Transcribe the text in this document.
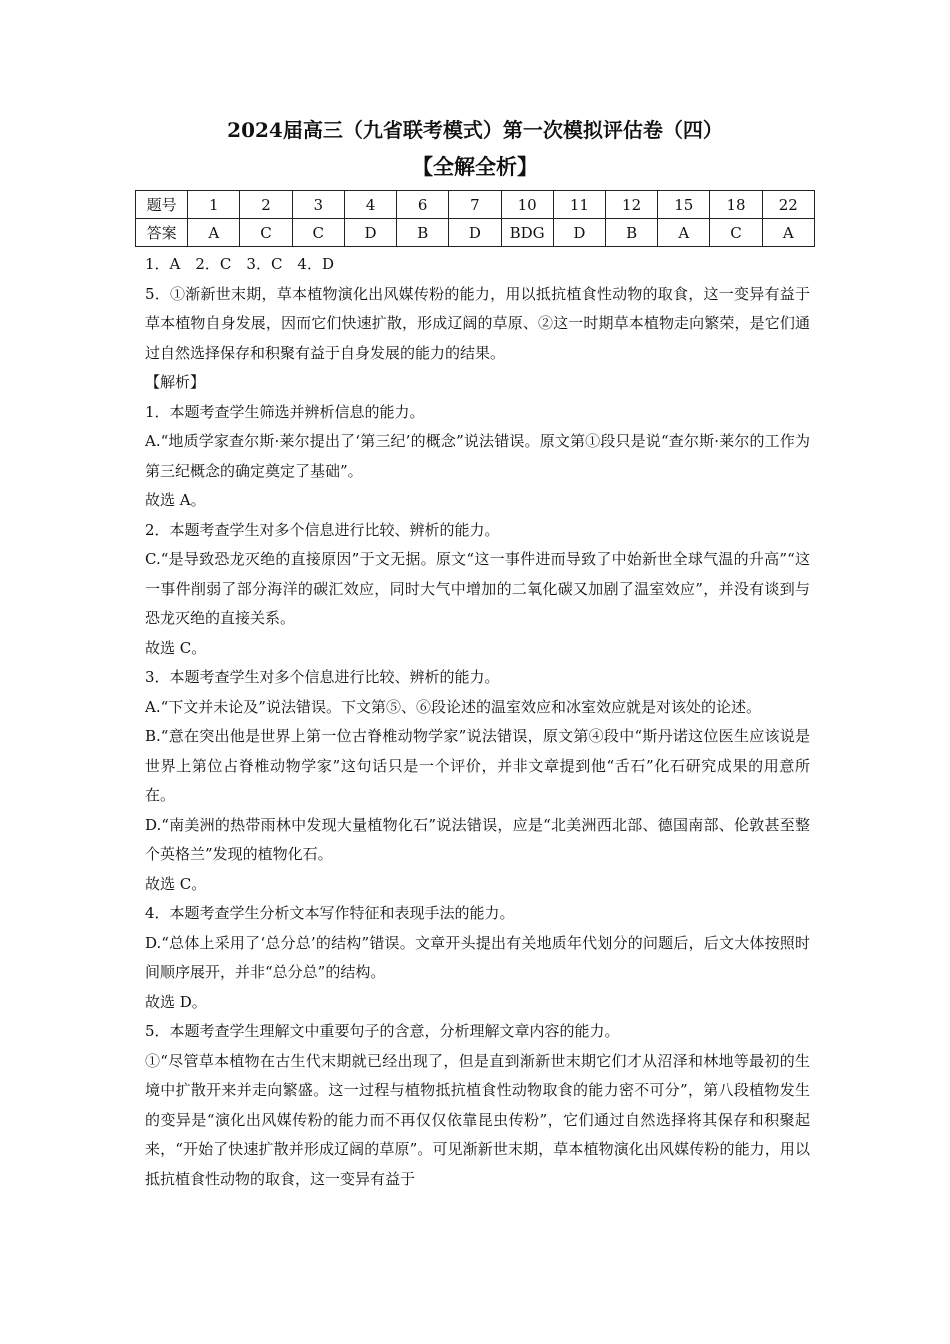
2024届高三（九省联考模式）第一次模拟评估卷（四）
【全解全析】
题号	1	2	3	4	6	7	10	11	12	15	18	22
答案	A	C	C	D	B	D	BDG	D	B	A	C	A

1．A　2．C　3．C　4．D

5．①渐新世末期，草本植物演化出风媒传粉的能力，用以抵抗植食性动物的取食，这一变异有益于草本植物自身发展，因而它们快速扩散，形成辽阔的草原、②这一时期草本植物走向繁荣，是它们通过自然选择保存和积聚有益于自身发展的能力的结果。

【解析】

1．本题考查学生筛选并辨析信息的能力。

A.“地质学家查尔斯·莱尔提出了‘第三纪’的概念”说法错误。原文第①段只是说“查尔斯·莱尔的工作为第三纪概念的确定奠定了基础”。

故选 A。

2．本题考查学生对多个信息进行比较、辨析的能力。

C.“是导致恐龙灭绝的直接原因”于文无据。原文“这一事件进而导致了中始新世全球气温的升高”“这一事件削弱了部分海洋的碳汇效应，同时大气中增加的二氧化碳又加剧了温室效应”，并没有谈到与恐龙灭绝的直接关系。

故选 C。

3．本题考查学生对多个信息进行比较、辨析的能力。

A.“下文并未论及”说法错误。下文第⑤、⑥段论述的温室效应和冰室效应就是对该处的论述。

B.“意在突出他是世界上第一位古脊椎动物学家”说法错误，原文第④段中“斯丹诺这位医生应该说是世界上第位占脊椎动物学家”这句话只是一个评价，并非文章提到他“舌石”化石研究成果的用意所在。

D.“南美洲的热带雨林中发现大量植物化石”说法错误，应是“北美洲西北部、德国南部、伦敦甚至整个英格兰”发现的植物化石。

故选 C。

4．本题考查学生分析文本写作特征和表现手法的能力。

D.“总体上采用了‘总分总’的结构”错误。文章开头提出有关地质年代划分的问题后，后文大体按照时间顺序展开，并非“总分总”的结构。

故选 D。

5．本题考查学生理解文中重要句子的含意，分析理解文章内容的能力。

①“尽管草本植物在古生代末期就已经出现了，但是直到渐新世末期它们才从沼泽和林地等最初的生境中扩散开来并走向繁盛。这一过程与植物抵抗植食性动物取食的能力密不可分”，第八段植物发生的变异是“演化出风媒传粉的能力而不再仅仅依靠昆虫传粉”，它们通过自然选择将其保存和积聚起来，“开始了快速扩散并形成辽阔的草原”。可见渐新世末期，草本植物演化出风媒传粉的能力，用以抵抗植食性动物的取食，这一变异有益于
